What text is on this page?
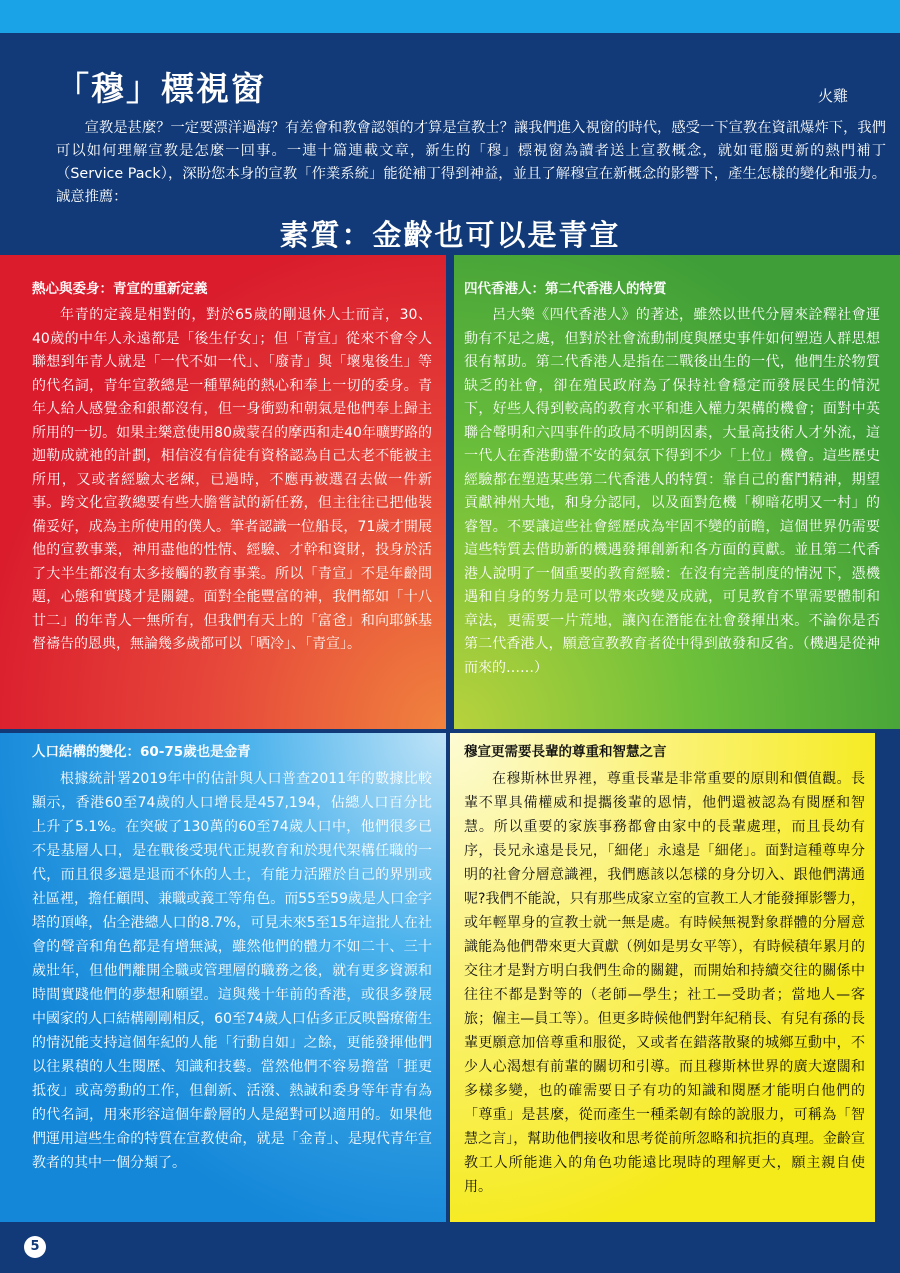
「穆」標視窗	火雞

宣教是甚麼？一定要漂洋過海？有差會和教會認領的才算是宣教士？讓我們進入視窗的時代，感受一下宣教在資訊爆炸下，我們可以如何理解宣教是怎麼一回事。一連十篇連載文章，新生的「穆」標視窗為讀者送上宣教概念，就如電腦更新的熱門補丁（Service Pack），深盼您本身的宣教「作業系統」能從補丁得到神益，並且了解穆宣在新概念的影響下，產生怎樣的變化和張力。誠意推薦：

素質：金齡也可以是青宣
熱心與委身：青宣的重新定義

年青的定義是相對的，對於65歲的剛退休人士而言，30、40歲的中年人永遠都是「後生仔女」；但「青宣」從來不會令人聯想到年青人就是「一代不如一代」、「廢青」與「壞鬼後生」等的代名詞，青年宣教總是一種單純的熱心和奉上一切的委身。青年人給人感覺金和銀都沒有，但一身衝勁和朝氣是他們奉上歸主所用的一切。如果主樂意使用80歲蒙召的摩西和走40年曠野路的迦勒成就祂的計劃，相信沒有信徒有資格認為自己太老不能被主所用，又或者經驗太老練，已過時，不應再被選召去做一件新事。跨文化宣教總要有些大膽嘗試的新任務，但主往往已把他裝備妥好，成為主所使用的僕人。筆者認識一位船長，71歲才開展他的宣教事業，神用盡他的性情、經驗、才幹和資財，投身於活了大半生都沒有太多接觸的教育事業。所以「青宣」不是年齡問題，心態和實踐才是關鍵。面對全能豐富的神，我們都如「十八廿二」的年青人一無所有，但我們有天上的「富爸」和向耶穌基督禱告的恩典，無論幾多歲都可以「晒冷」、「青宣」。

四代香港人：第二代香港人的特質

呂大樂《四代香港人》的著述，雖然以世代分層來詮釋社會運動有不足之處，但對於社會流動制度與歷史事件如何塑造人群思想很有幫助。第二代香港人是指在二戰後出生的一代，他們生於物質缺乏的社會，卻在殖民政府為了保持社會穩定而發展民生的情況下，好些人得到較高的教育水平和進入權力架構的機會；面對中英聯合聲明和六四事件的政局不明朗因素，大量高技術人才外流，這一代人在香港動盪不安的氣氛下得到不少「上位」機會。這些歷史經驗都在塑造某些第二代香港人的特質：靠自己的奮鬥精神，期望貢獻神州大地，和身分認同，以及面對危機「柳暗花明又一村」的睿智。不要讓這些社會經歷成為牢固不變的前瞻，這個世界仍需要這些特質去借助新的機遇發揮創新和各方面的貢獻。並且第二代香港人說明了一個重要的教育經驗：在沒有完善制度的情況下，憑機遇和自身的努力是可以帶來改變及成就，可見教育不單需要體制和章法，更需要一片荒地，讓內在潛能在社會發揮出來。不論你是否第二代香港人，願意宣教教育者從中得到啟發和反省。（機遇是從神而來的……）

人口結構的變化：60-75歲也是金青

根據統計署2019年中的估計與人口普查2011年的數據比較顯示，香港60至74歲的人口增長是457,194，佔總人口百分比上升了5.1%。在突破了130萬的60至74歲人口中，他們很多已不是基層人口，是在戰後受現代正規教育和於現代架構任職的一代，而且很多還是退而不休的人士，有能力活躍於自己的界別或社區裡，擔任顧問、兼職或義工等角色。而55至59歲是人口金字塔的頂峰，佔全港總人口的8.7%，可見未來5至15年這批人在社會的聲音和角色都是有增無減，雖然他們的體力不如二十、三十歲壯年，但他們離開全職或管理層的職務之後，就有更多資源和時間實踐他們的夢想和願望。這與幾十年前的香港，或很多發展中國家的人口結構剛剛相反，60至74歲人口佔多正反映醫療衛生的情況能支持這個年紀的人能「行動自如」之餘，更能發揮他們以往累積的人生閱歷、知識和技藝。當然他們不容易擔當「捱更抵夜」或高勞動的工作，但創新、活潑、熱誠和委身等年青有為的代名詞，用來形容這個年齡層的人是絕對可以適用的。如果他們運用這些生命的特質在宣教使命，就是「金青」、是現代青年宣教者的其中一個分類了。

穆宣更需要長輩的尊重和智慧之言

在穆斯林世界裡，尊重長輩是非常重要的原則和價值觀。長輩不單具備權威和提攜後輩的恩情，他們還被認為有閱歷和智慧。所以重要的家族事務都會由家中的長輩處理，而且長幼有序，長兄永遠是長兄，「細佬」永遠是「細佬」。面對這種尊卑分明的社會分層意識裡，我們應該以怎樣的身分切入、跟他們溝通呢?我們不能說，只有那些成家立室的宣教工人才能發揮影響力，或年輕單身的宣教士就一無是處。有時候無視對象群體的分層意識能為他們帶來更大貢獻（例如是男女平等），有時候積年累月的交往才是對方明白我們生命的關鍵，而開始和持續交往的關係中往往不都是對等的（老師—學生；社工—受助者；當地人—客旅；僱主—員工等）。但更多時候他們對年紀稍長、有兒有孫的長輩更願意加倍尊重和服從，又或者在錯落散聚的城鄉互動中，不少人心渴想有前輩的關切和引導。而且穆斯林世界的廣大遼闊和多樣多變，也的確需要日子有功的知識和閱歷才能明白他們的「尊重」是甚麼，從而產生一種柔韌有餘的說服力，可稱為「智慧之言」，幫助他們接收和思考從前所忽略和抗拒的真理。金齡宣教工人所能進入的角色功能遠比現時的理解更大，願主親自使用。

5
